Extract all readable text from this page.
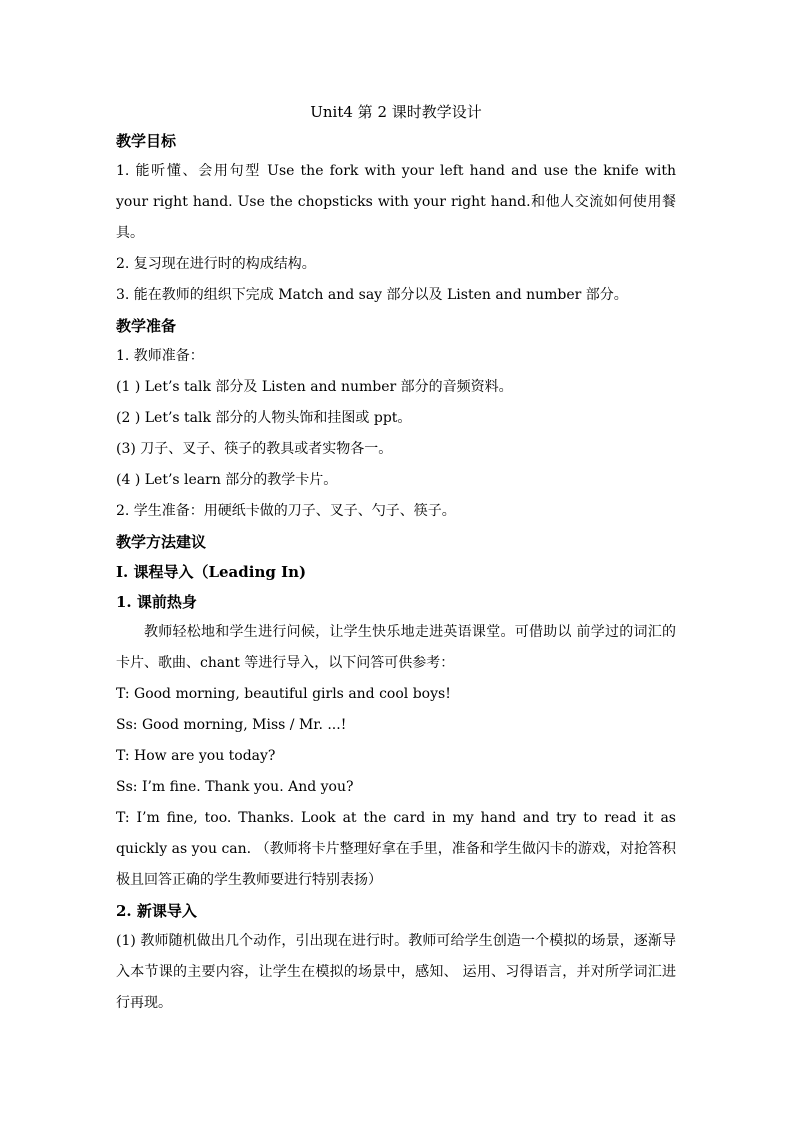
Unit4 第 2 课时教学设计

教学目标

1. 能听懂、会用句型 Use the fork with your left hand and use the knife with your right hand. Use the chopsticks with your right hand.和他人交流如何使用餐具。

2. 复习现在进行时的构成结构。

3. 能在教师的组织下完成 Match and say 部分以及 Listen and number 部分。

教学准备

1. 教师准备：

(1 ) Let’s talk 部分及 Listen and number 部分的音频资料。

(2 ) Let’s talk 部分的人物头饰和挂图或 ppt。

(3) 刀子、叉子、筷子的教具或者实物各一。

(4 ) Let’s learn 部分的教学卡片。

2. 学生准备：用硬纸卡做的刀子、叉子、勺子、筷子。

教学方法建议

I. 课程导入（Leading In)

1. 课前热身

教师轻松地和学生进行问候，让学生快乐地走进英语课堂。可借助以 前学过的词汇的卡片、歌曲、chant 等进行导入，以下问答可供参考：

T: Good morning, beautiful girls and cool boys!

Ss: Good morning, Miss / Mr. ...!

T: How are you today?

Ss: I’m fine. Thank you. And you?

T: I’m fine, too. Thanks. Look at the card in my hand and try to read it as quickly as you can. （教师将卡片整理好拿在手里，准备和学生做闪卡的游戏，对抢答积极且回答正确的学生教师要进行特别表扬）

2. 新课导入

(1) 教师随机做出几个动作，引出现在进行时。教师可给学生创造一个模拟的场景，逐渐导入本节课的主要内容，让学生在模拟的场景中，感知、 运用、习得语言，并对所学词汇进行再现。
